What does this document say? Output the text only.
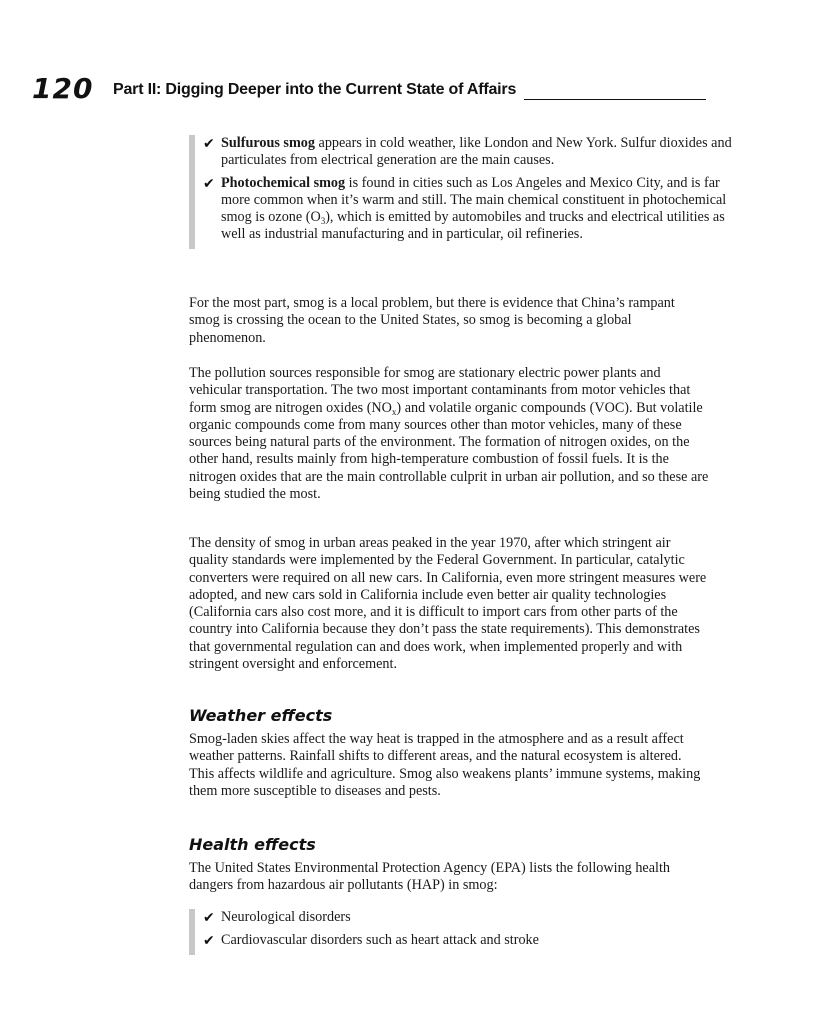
120 Part II: Digging Deeper into the Current State of Affairs
✔ Sulfurous smog appears in cold weather, like London and New York. Sulfur dioxides and particulates from electrical generation are the main causes.
✔ Photochemical smog is found in cities such as Los Angeles and Mexico City, and is far more common when it’s warm and still. The main chemical constituent in photochemical smog is ozone $(O_3)$, which is emitted by automobiles and trucks and electrical utilities as well as industrial manufacturing and in particular, oil refineries.

For the most part, smog is a local problem, but there is evidence that China’s rampant smog is crossing the ocean to the United States, so smog is becoming a global phenomenon.

The pollution sources responsible for smog are stationary electric power plants and vehicular transportation. The two most important contaminants from motor vehicles that form smog are nitrogen oxides $(NO_x)$ and volatile organic compounds (VOC). But volatile organic compounds come from many sources other than motor vehicles, many of these sources being natural parts of the environment. The formation of nitrogen oxides, on the other hand, results mainly from high-temperature combustion of fossil fuels. It is the nitrogen oxides that are the main controllable culprit in urban air pollution, and so these are being studied the most.

The density of smog in urban areas peaked in the year 1970, after which stringent air quality standards were implemented by the Federal Government. In particular, catalytic converters were required on all new cars. In California, even more stringent measures were adopted, and new cars sold in California include even better air quality technologies (California cars also cost more, and it is difficult to import cars from other parts of the country into California because they don’t pass the state requirements). This demonstrates that governmental regulation can and does work, when implemented properly and with stringent oversight and enforcement.

Weather effects

Smog-laden skies affect the way heat is trapped in the atmosphere and as a result affect weather patterns. Rainfall shifts to different areas, and the natural ecosystem is altered. This affects wildlife and agriculture. Smog also weakens plants’ immune systems, making them more susceptible to diseases and pests.

Health effects

The United States Environmental Protection Agency (EPA) lists the following health dangers from hazardous air pollutants (HAP) in smog:

✔ Neurological disorders
✔ Cardiovascular disorders such as heart attack and stroke
